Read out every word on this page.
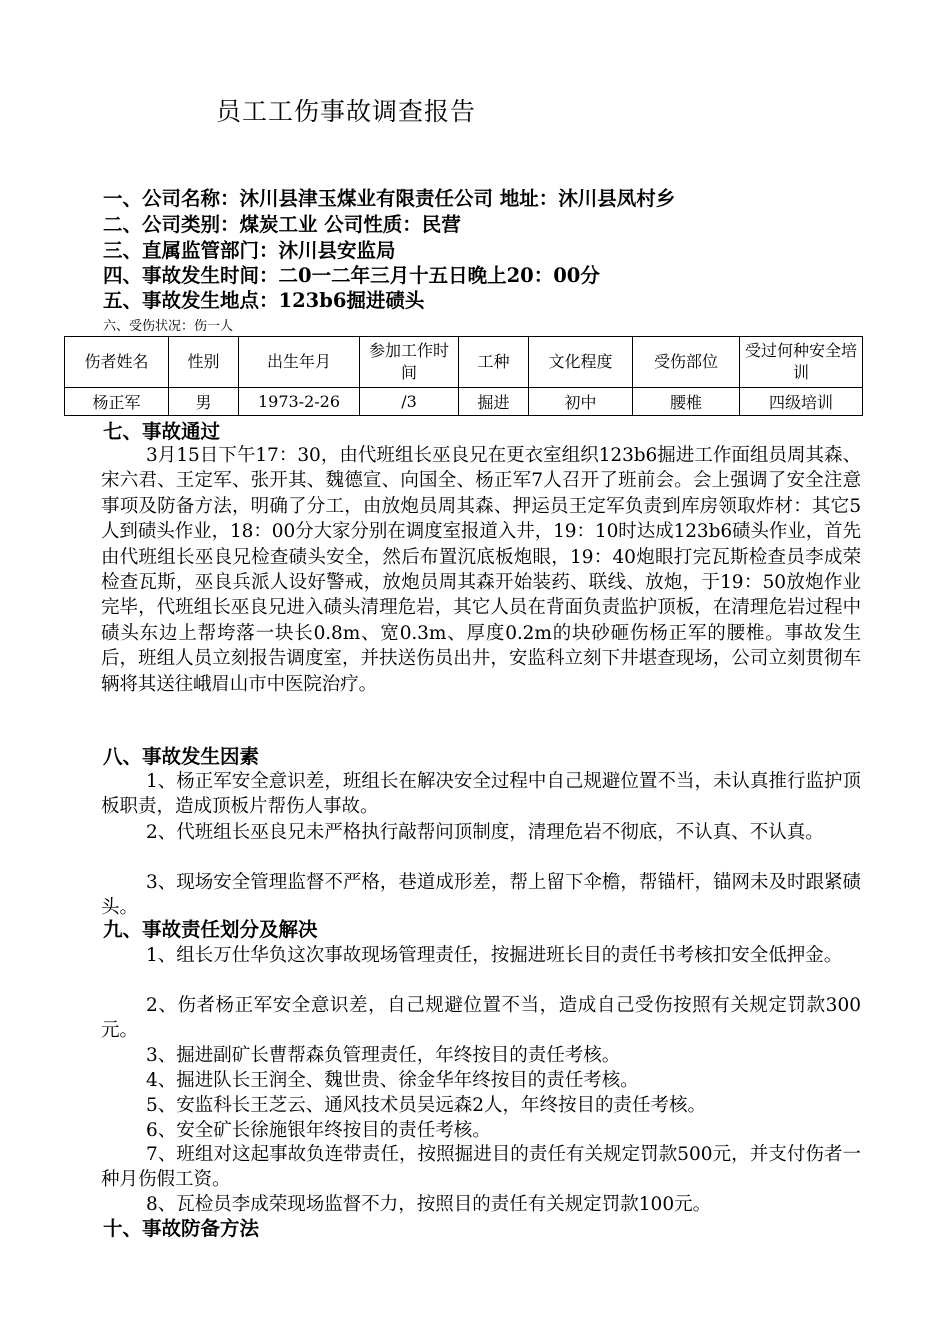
员工工伤事故调查报告
一、公司名称：沐川县津玉煤业有限责任公司 地址：沐川县凤村乡
二、公司类别：煤炭工业 公司性质：民营
三、直属监管部门：沐川县安监局
四、事故发生时间：二0一二年三月十五日晚上20：00分
五、事故发生地点：123b6掘进碛头
六、受伤状况：伤一人
伤者姓名	性别	出生年月	参加工作时 间	工种	文化程度	受伤部位	受过何种安全培训
杨正军	男	1973-2-26	/3	掘进	初中	腰椎	四级培训
七、事故通过
3月15日下午17：30，由代班组长巫良兄在更衣室组织123b6掘进工作面组员周其森、宋六君、王定军、张开其、魏德宣、向国全、杨正军7人召开了班前会。会上强调了安全注意事项及防备方法，明确了分工，由放炮员周其森、押运员王定军负责到库房领取炸材：其它5人到碛头作业，18：00分大家分别在调度室报道入井，19：10时达成123b6碛头作业，首先由代班组长巫良兄检查碛头安全，然后布置沉底板炮眼，19：40炮眼打完瓦斯检查员李成荣检查瓦斯，巫良兵派人设好警戒，放炮员周其森开始装药、联线、放炮，于19：50放炮作业完毕，代班组长巫良兄进入碛头清理危岩，其它人员在背面负责监护顶板，在清理危岩过程中碛头东边上帮垮落一块长0.8m、宽0.3m、厚度0.2m的块砂砸伤杨正军的腰椎。事故发生后，班组人员立刻报告调度室，并扶送伤员出井，安监科立刻下井堪查现场，公司立刻贯彻车辆将其送往峨眉山市中医院治疗。
八、事故发生因素
1、杨正军安全意识差，班组长在解决安全过程中自己规避位置不当，未认真推行监护顶板职责，造成顶板片帮伤人事故。
2、代班组长巫良兄未严格执行敲帮问顶制度，清理危岩不彻底，不认真、不认真。
3、现场安全管理监督不严格，巷道成形差，帮上留下伞檐，帮锚杆，锚网未及时跟紧碛头。
九、事故责任划分及解决
1、组长万仕华负这次事故现场管理责任，按掘进班长目的责任书考核扣安全低押金。
2、伤者杨正军安全意识差，自己规避位置不当，造成自己受伤按照有关规定罚款300元。
3、掘进副矿长曹帮森负管理责任，年终按目的责任考核。
4、掘进队长王润全、魏世贵、徐金华年终按目的责任考核。
5、安监科长王芝云、通风技术员吴远森2人，年终按目的责任考核。
6、安全矿长徐施银年终按目的责任考核。
7、班组对这起事故负连带责任，按照掘进目的责任有关规定罚款500元，并支付伤者一种月伤假工资。
8、瓦检员李成荣现场监督不力，按照目的责任有关规定罚款100元。
十、事故防备方法
